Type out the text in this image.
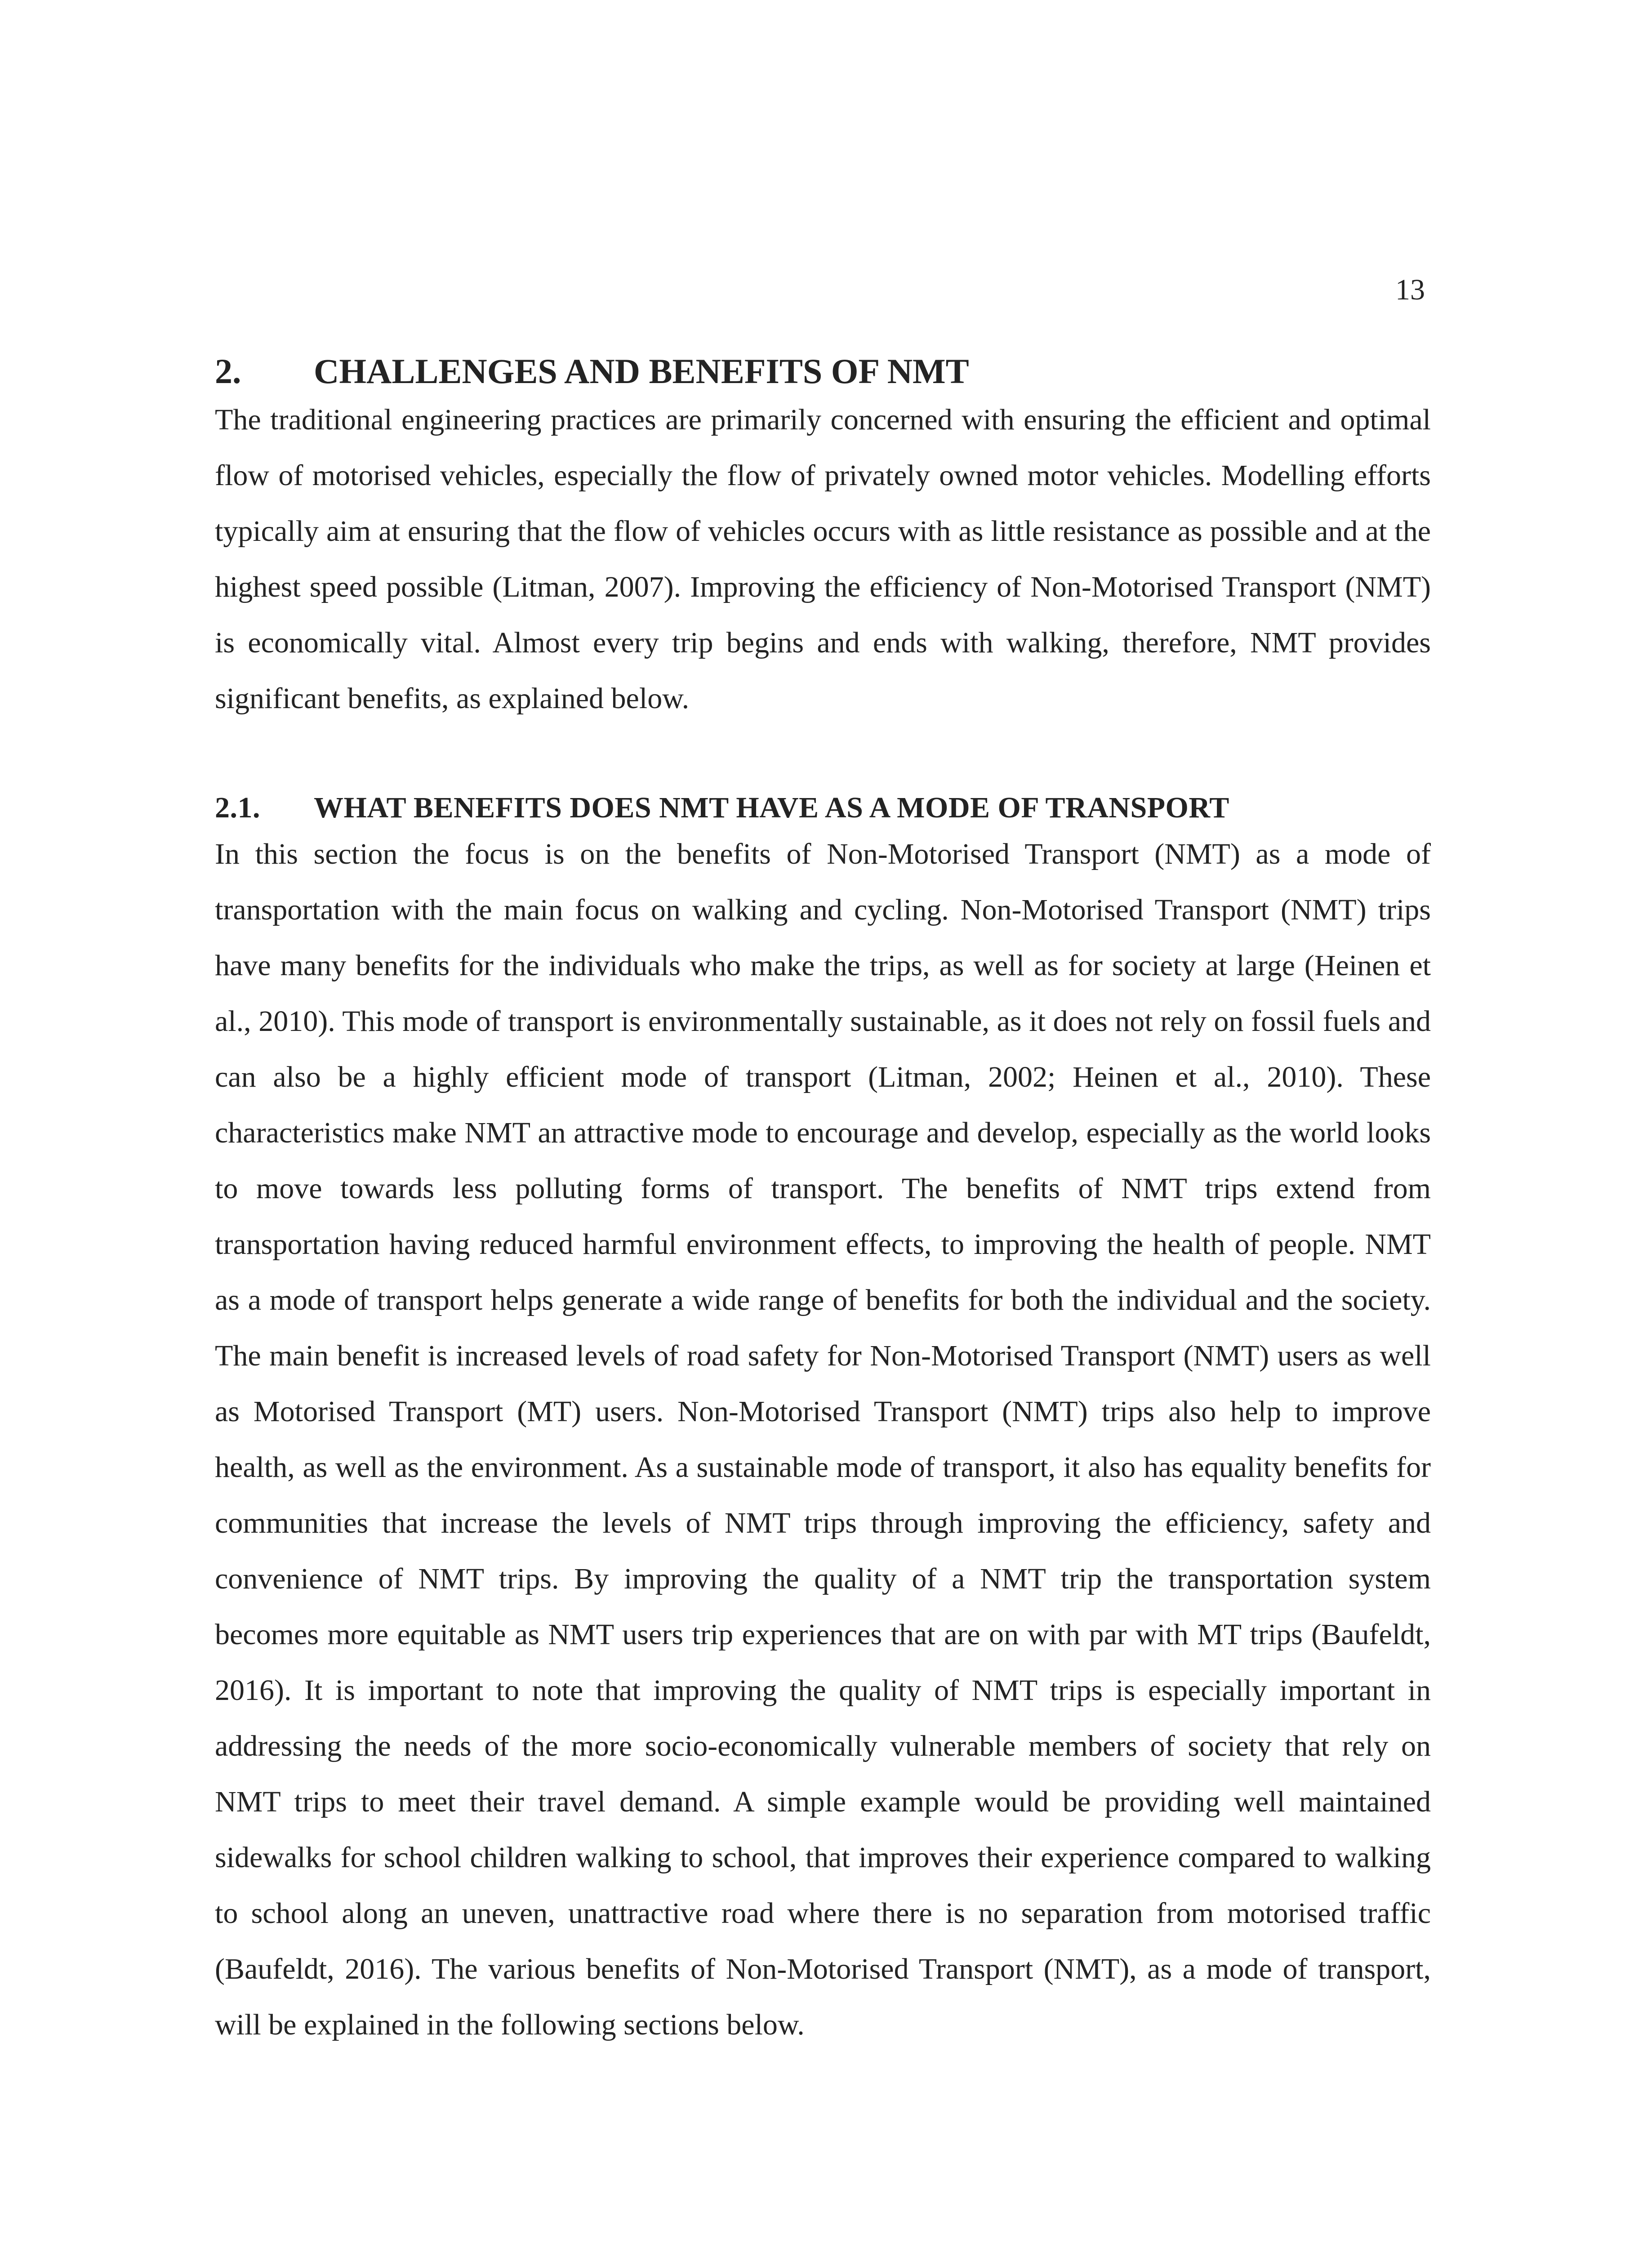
13
2.	CHALLENGES AND BENEFITS OF NMT

The traditional engineering practices are primarily concerned with ensuring the efficient and optimal flow of motorised vehicles, especially the flow of privately owned motor vehicles. Modelling efforts typically aim at ensuring that the flow of vehicles occurs with as little resistance as possible and at the highest speed possible (Litman, 2007). Improving the efficiency of Non-Motorised Transport (NMT) is economically vital. Almost every trip begins and ends with walking, therefore, NMT provides significant benefits, as explained below.

2.1.	WHAT BENEFITS DOES NMT HAVE AS A MODE OF TRANSPORT

In this section the focus is on the benefits of Non-Motorised Transport (NMT) as a mode of transportation with the main focus on walking and cycling. Non-Motorised Transport (NMT) trips have many benefits for the individuals who make the trips, as well as for society at large (Heinen et al., 2010). This mode of transport is environmentally sustainable, as it does not rely on fossil fuels and can also be a highly efficient mode of transport (Litman, 2002; Heinen et al., 2010). These characteristics make NMT an attractive mode to encourage and develop, especially as the world looks to move towards less polluting forms of transport. The benefits of NMT trips extend from transportation having reduced harmful environment effects, to improving the health of people. NMT as a mode of transport helps generate a wide range of benefits for both the individual and the society. The main benefit is increased levels of road safety for Non-Motorised Transport (NMT) users as well as Motorised Transport (MT) users. Non-Motorised Transport (NMT) trips also help to improve health, as well as the environment. As a sustainable mode of transport, it also has equality benefits for communities that increase the levels of NMT trips through improving the efficiency, safety and convenience of NMT trips. By improving the quality of a NMT trip the transportation system becomes more equitable as NMT users trip experiences that are on with par with MT trips (Baufeldt, 2016). It is important to note that improving the quality of NMT trips is especially important in addressing the needs of the more socio-economically vulnerable members of society that rely on NMT trips to meet their travel demand. A simple example would be providing well maintained sidewalks for school children walking to school, that improves their experience compared to walking to school along an uneven, unattractive road where there is no separation from motorised traffic (Baufeldt, 2016). The various benefits of Non-Motorised Transport (NMT), as a mode of transport, will be explained in the following sections below.
